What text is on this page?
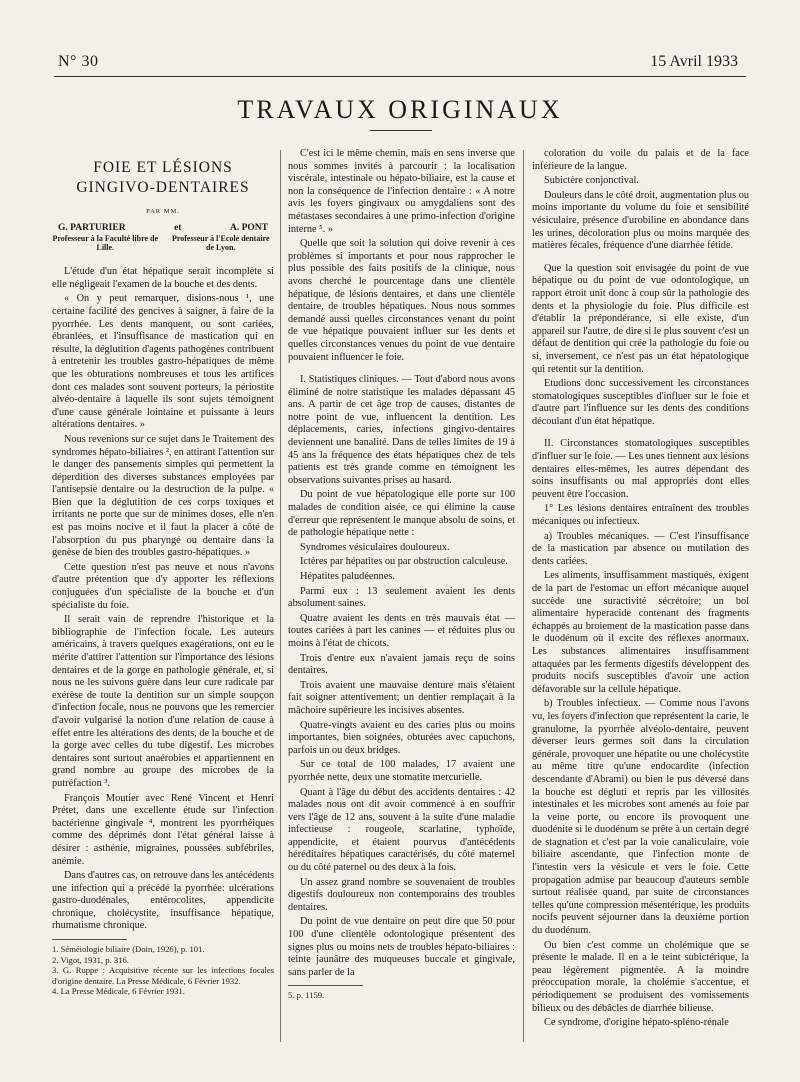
N° 30	15 Avril 1933
TRAVAUX ORIGINAUX
FOIE ET LÉSIONS
GINGIVO-DENTAIRES
PAR MM.
G. PARTURIER	et	A. PONT
Professeur à la Faculté libre de Lille.
Professeur à l'Ecole dentaire de Lyon.

L'étude d'un état hépatique serait incomplète si elle négligeait l'examen de la bouche et des dents.

« On y peut remarquer, disions-nous ¹, une certaine facilité des gencives à saigner, à faire de la pyorrhée. Les dents manquent, ou sont cariées, ébranlées, et l'insuffisance de mastication qui en résulte, la déglutition d'agents pathogènes contribuent à entretenir les troubles gastro-hépatiques de même que les obturations nombreuses et tous les artifices dont ces malades sont souvent porteurs, la périostite alvéo-dentaire à laquelle ils sont sujets témoignent d'une cause générale lointaine et puissante à leurs altérations dentaires. »

Nous revenions sur ce sujet dans le Traitement des syndromes hépato-biliaires ², en attirant l'attention sur le danger des pansements simples qui permettent la déperdition des diverses substances employées par l'antisepsie dentaire ou la destruction de la pulpe. « Bien que la déglutition de ces corps toxiques et irritants ne porte que sur de minimes doses, elle n'en est pas moins nocive et il faut la placer à côté de l'absorption du pus pharyngé ou dentaire dans la genèse de bien des troubles gastro-hépatiques. »

Cette question n'est pas neuve et nous n'avons d'autre prétention que d'y apporter les réflexions conjuguées d'un spécialiste de la bouche et d'un spécialiste du foie.

Il serait vain de reprendre l'historique et la bibliographie de l'infection focale. Les auteurs américains, à travers quelques exagérations, ont eu le mérite d'attirer l'attention sur l'importance des lésions dentaires et de la gorge en pathologie générale, et, si nous ne les suivons guère dans leur cure radicale par exérèse de toute la dentition sur un simple soupçon d'infection focale, nous ne pouvons que les remercier d'avoir vulgarisé la notion d'une relation de cause à effet entre les altérations des dents, de la bouche et de la gorge avec celles du tube digestif. Les microbes dentaires sont surtout anaérobies et appartiennent en grand nombre au groupe des microbes de la putréfaction ³.

François Moutier avec René Vincent et Henri Prétet, dans une excellente étude sur l'infection bactérienne gingivale ⁴, montrent les pyorrhéiques comme des déprimés dont l'état général laisse à désirer : asthénie, migraines, poussées subfébriles, anémie.

Dans d'autres cas, on retrouve dans les antécédents une infection qui a précédé la pyorrhée: ulcérations gastro-duodénales, entérocolites, appendicite chronique, cholécystite, insuffisance hépatique, rhumatisme chronique.

1. Séméiologie biliaire (Doin, 1926), p. 101.

2. Vigot, 1931, p. 316.

3. G. Ruppe : Acquisitive récente sur les infections focales d'origine dentaire. La Presse Médicale, 6 Février 1932.

4. La Presse Médicale, 6 Février 1931.

C'est ici le même chemin, mais en sens inverse que nous sommes invités à parcourir : la localisation viscérale, intestinale ou hépato-biliaire, est la cause et non la conséquence de l'infection dentaire : « A notre avis les foyers gingivaux ou amygdaliens sont des métastases secondaires à une primo-infection d'origine interne ⁵. »

Quelle que soit la solution qui doive revenir à ces problèmes si importants et pour nous rapprocher le plus possible des faits positifs de la clinique, nous avons cherché le pourcentage dans une clientèle hépatique, de lésions dentaires, et dans une clientèle dentaire, de troubles hépatiques. Nous nous sommes demandé aussi quelles circonstances venant du point de vue hépatique pouvaient influer sur les dents et quelles circonstances venues du point de vue dentaire pouvaient influencer le foie.

I. Statistiques cliniques. — Tout d'abord nous avons éliminé de notre statistique les malades dépassant 45 ans. A partir de cet âge trop de causes, distantes de notre point de vue, influencent la dentition. Les déplacements, caries, infections gingivo-dentaires deviennent une banalité. Dans de telles limites de 19 à 45 ans la fréquence des états hépatiques chez de tels patients est très grande comme en témoignent les observations suivantes prises au hasard.

Du point de vue hépatologique elle porte sur 100 malades de condition aisée, ce qui élimine la cause d'erreur que représentent le manque absolu de soins, et de pathologie hépatique nette :

Syndromes vésiculaires douloureux.

Ictères par hépatites ou par obstruction calculeuse.

Hépatites paludéennes.

Parmi eux : 13 seulement avaient les dents absolument saines.

Quatre avaient les dents en très mauvais état — toutes cariées à part les canines — et réduites plus ou moins à l'état de chicots.

Trois d'entre eux n'avaient jamais reçu de soins dentaires.

Trois avaient une mauvaise denture mais s'étaient fait soigner attentivement; un dentier remplaçait à la mâchoire supérieure les incisives absentes.

Quatre-vingts avaient eu des caries plus ou moins importantes, bien soignées, obturées avec capuchons, parfois un ou deux bridges.

Sur ce total de 100 malades, 17 avaient une pyorrhée nette, deux une stomatite mercurielle.

Quant à l'âge du début des accidents dentaires : 42 malades nous ont dit avoir commencé à en souffrir vers l'âge de 12 ans, souvent à la suite d'une maladie infectieuse : rougeole, scarlatine, typhoïde, appendicite, et étaient pourvus d'antécédents héréditaires hépatiques caractérisés, du côté maternel ou du côté paternel ou des deux à la fois.

Un assez grand nombre se souvenaient de troubles digestifs douloureux non contemporains des troubles dentaires.

Du point de vue dentaire on peut dire que 50 pour 100 d'une clientèle odontologique présentent des signes plus ou moins nets de troubles hépato-biliaires : teinte jaunâtre des muqueuses buccale et gingivale, sans parler de la

5. p. 1159.

coloration du voile du palais et de la face inférieure de la langue.

Subictère conjonctival.

Douleurs dans le côté droit, augmentation plus ou moins importante du volume du foie et sensibilité vésiculaire, présence d'urobiline en abondance dans les urines, décoloration plus ou moins marquée des matières fécales, fréquence d'une diarrhée fétide.

Que la question soit envisagée du point de vue hépatique ou du point de vue odontologique, un rapport étroit unit donc à coup sûr la pathologie des dents et la physiologie du foie. Plus difficile est d'établir la prépondérance, si elle existe, d'un appareil sur l'autre, de dire si le plus souvent c'est un défaut de dentition qui crée la pathologie du foie ou si, inversement, ce n'est pas un état hépatologique qui retentit sur la dentition.

Etudions donc successivement les circonstances stomatologiques susceptibles d'influer sur le foie et d'autre part l'influence sur les dents des conditions découlant d'un état hépatique.

II. Circonstances stomatologiques susceptibles d'influer sur le foie. — Les unes tiennent aux lésions dentaires elles-mêmes, les autres dépendant des soins insuffisants ou mal appropriés dont elles peuvent être l'occasion.

1° Les lésions dentaires entraînent des troubles mécaniques ou infectieux.

a) Troubles mécaniques. — C'est l'insuffisance de la mastication par absence ou mutilation des dents cariées.

Les aliments, insuffisamment mastiqués, exigent de la part de l'estomac un effort mécanique auquel succède une suractivité sécrétoire; un bol alimentaire hyperacide contenant des fragments échappés au broiement de la mastication passe dans le duodénum où il excite des réflexes anormaux. Les substances alimentaires insuffisamment attaquées par les ferments digestifs développent des produits nocifs susceptibles d'avoir une action défavorable sur la cellule hépatique.

b) Troubles infectieux. — Comme nous l'avons vu, les foyers d'infection que représentent la carie, le granulome, la pyorrhée alvéolo-dentaire, peuvent déverser leurs germes soit dans la circulation générale, provoquer une hépatite ou une cholécystite au même titre qu'une endocardite (infection descendante d'Abrami) ou bien le pus déversé dans la bouche est dégluti et repris par les villosités intestinales et les microbes sont amenés au foie par la veine porte, ou encore ils provoquent une duodénite si le duodénum se prête à un certain degré de stagnation et c'est par la voie canaliculaire, voie biliaire ascendante, que l'infection monte de l'intestin vers la vésicule et vers le foie. Cette propagation admise par beaucoup d'auteurs semble surtout réalisée quand, par suite de circonstances telles qu'une compression mésentérique, les produits nocifs peuvent séjourner dans la deuxième portion du duodénum.

Ou bien c'est comme un cholémique que se présente le malade. Il en a le teint subictérique, la peau légèrement pigmentée. A la moindre préoccupation morale, la cholémie s'accentue, et périodiquement se produisent des vomissements bilieux ou des débâcles de diarrhée bilieuse.

Ce syndrome, d'origine hépato-spléno-rénale
